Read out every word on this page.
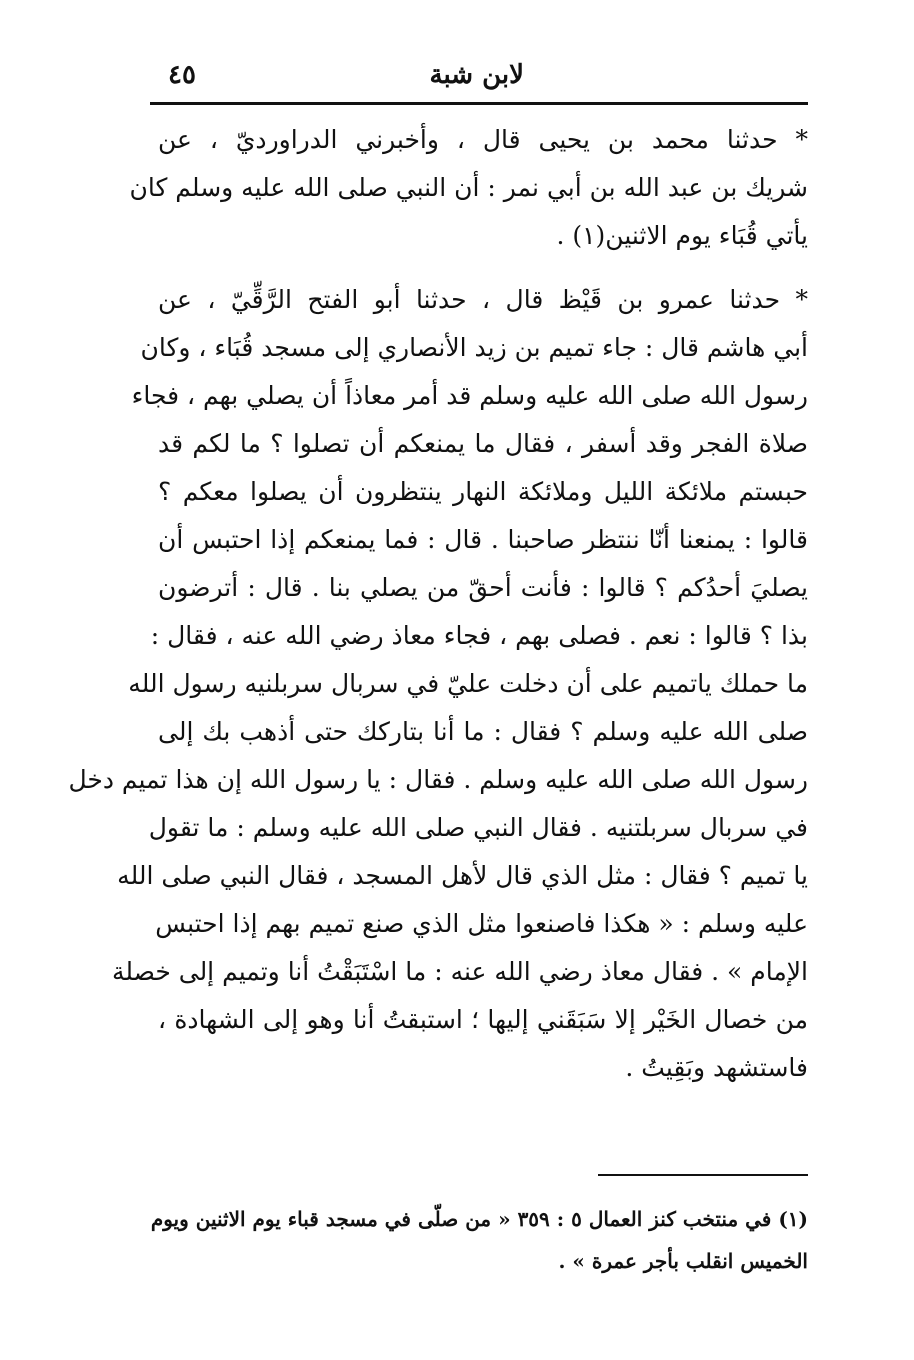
لابن شبة
٤٥
* حدثنا محمد بن يحيى قال ، وأخبرني الدراورديّ ، عن
شريك بن عبد الله بن أبي نمر : أن النبي صلى الله عليه وسلم كان
يأتي قُبَاء يوم الاثنين(١) .
* حدثنا عمرو بن قَيْظ قال ، حدثنا أبو الفتح الرَّقِّيّ ، عن
أبي هاشم قال : جاء تميم بن زيد الأنصاري إلى مسجد قُبَاء ، وكان
رسول الله صلى الله عليه وسلم قد أمر معاذاً أن يصلي بهم ، فجاء
صلاة الفجر وقد أسفر ، فقال ما يمنعكم أن تصلوا ؟ ما لكم قد
حبستم ملائكة الليل وملائكة النهار ينتظرون أن يصلوا معكم ؟
قالوا : يمنعنا أنّا ننتظر صاحبنا . قال : فما يمنعكم إذا احتبس أن
يصليَ أحدُكم ؟ قالوا : فأنت أحقّ من يصلي بنا . قال : أترضون
بذا ؟ قالوا : نعم . فصلى بهم ، فجاء معاذ رضي الله عنه ، فقال :
ما حملك ياتميم على أن دخلت عليّ في سربال سربلنيه رسول الله
صلى الله عليه وسلم ؟ فقال : ما أنا بتاركك حتى أذهب بك إلى
رسول الله صلى الله عليه وسلم . فقال : يا رسول الله إن هذا تميم دخل
في سربال سربلتنيه . فقال النبي صلى الله عليه وسلم : ما تقول
يا تميم ؟ فقال : مثل الذي قال لأهل المسجد ، فقال النبي صلى الله
عليه وسلم : « هكذا فاصنعوا مثل الذي صنع تميم بهم إذا احتبس
الإمام » . فقال معاذ رضي الله عنه : ما اسْتَبَقْتُ أنا وتميم إلى خصلة
من خصال الخَيْر إلا سَبَقَني إليها ؛ استبقتُ أنا وهو إلى الشهادة ،
فاستشهد وبَقِيتُ .
(١) في منتخب كنز العمال ٥ : ٣٥٩ « من صلّى في مسجد قباء يوم الاثنين ويوم
الخميس انقلب بأجر عمرة » .
